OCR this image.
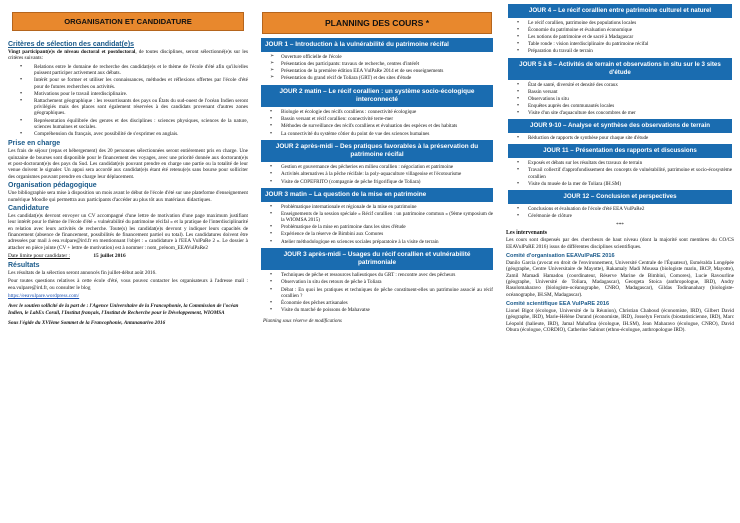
ORGANISATION ET CANDIDATURE
Critères de sélection des candidat(e)s

Vingt participant(e)s de niveau doctoral et postdoctoral, de toutes disciplines, seront sélectionné(e)s sur les critères suivants:

• Relations entre le domaine de recherche des candidat(e)s et le thème de l'école d'été afin qu'ils/elles puissent participer activement aux débats.
• Intérêt pour se former et utiliser les connaissances, méthodes et réflexions offertes par l'école d'été pour de futures recherches ou activités.
• Motivations pour le travail interdisciplinaire.
• Rattachement géographique : les ressortissants des pays ou États du sud-ouest de l'océan Indien seront privilégiés mais des places sont également réservées à des candidats provenant d'autres zones géographiques.
• Représentation équilibrée des genres et des disciplines : sciences physiques, sciences de la nature, sciences humaines et sociales.
• Compréhension du français, avec possibilité de s'exprimer en anglais.
Prise en charge

Les frais de séjour (repas et hébergement) des 20 personnes sélectionnées seront entièrement pris en charge. Une quinzaine de bourses sont disponible pour le financement des voyages, avec une priorité donnée aux doctorant(e)s et post-doctorant(e)s des pays du Sud. Les candidat(e)s pouvant prendre en charge une partie ou la totalité de leur venue doivent le signaler. Un appui sera accordé aux candidat(e)s étant été retenu(e)s sans bourse pour solliciter des organismes pouvant prendre en charge leur déplacement.

Organisation pédagogique

Une bibliographie sera mise à disposition un mois avant le début de l'école d'été sur une plateforme d'enseignement numérique Moodle qui permettra aux participants d'accéder au plus tôt aux matériaux didactiques.

Candidature

Les candidat(e)s devront envoyer un CV accompagné d'une lettre de motivation d'une page maximum justifiant leur intérêt pour le thème de l'école d'été « vulnérabilité du patrimoine récifal » et la pratique de l'interdisciplinarité en relation avec leurs activités de recherche. Toute(s) les candidat(e)s devront y indiquer leurs capacités de financement (absence de financement, possibilités de financement partiel ou total). Les candidatures doivent être adressées par mail à eea.vulpare@ird.fr en mentionnant l'objet : « candidature à l'EEA VulPaRe 2 ». Le dossier à attacher en pièce jointe (CV + lettre de motivation) est à nommer : nom_prénom_EEAVulPaRe2

Date limite pour candidater :	15 juillet 2016
Résultats

Les résultats de la sélection seront annoncés fin juillet-début août 2016.

Pour toutes questions relatives à cette école d'été, vous pouvez contacter les organisateurs à l'adresse mail : eea.vulpare@ird.fr, ou consulter le blog

https://eeavulpare.wordpress.com/

Avec le soutien sollicité de la part de : l'Agence Universitaire de la Francophonie, la Commission de l'océan Indien, le LabEx Corail, l'Institut français, l'Institut de Recherche pour le Développement, WIOMSA

Sous l'égide du XVIème Sommet de la Francophonie, Antananarivo 2016

PLANNING DES COURS *
JOUR 1 – Introduction à la vulnérabilité du patrimoine récifal
➢ Ouverture officielle de l'école
➢ Présentation des participants: travaux de recherche, centres d'intérêt
➢ Présentation de la première édition EEA VulPaRe 2014 et de ses enseignements
➢ Présentation du grand récif de Toliara (GRT) et des sites d'étude
JOUR 2 matin – Le récif corallien : un système socio-écologique interconnecté
• Biologie et écologie des récifs coralliens : connectivité écologique
• Bassin versant et récif corallien: connectivité terre-mer
• Méthodes de surveillance des récifs coralliens et évaluation des espèces et des habitats
• La connectivité du système côtier du point de vue des sciences humaines
JOUR 2 après-midi – Des pratiques favorables à la préservation du patrimoine récifal
• Gestion et gouvernance des pêcheries en milieu corallien : négociation et patrimoine
• Activités alternatives à la pêche récifale: la poly-aquaculture villageoise et l'écotourisme
• Visite de COPEFRITO (compagnie de pêche frigorifique de Toliara)
JOUR 3 matin – La question de la mise en patrimoine
• Problématique internationale et régionale de la mise en patrimoine
• Enseignements de la session spéciale « Récif corallien : un patrimoine commun » (9ème symposium de la WIOMSA 2015)
• Problématique de la mise en patrimoine dans les sites d'étude
• Expérience de la réserve de Bimbini aux Comores
• Atelier méthodologique en sciences sociales préparatoire à la visite de terrain
JOUR 3 après-midi – Usages du récif corallien et vulnérabilité patrimoniale
• Techniques de pêche et ressources halieutiques du GRT : rencontre avec des pêcheurs
• Observation in situ des retours de pêche à Toliara
• Débat : En quoi les pratiques et techniques de pêche constituent-elles un patrimoine associé au récif corallien ?
• Économie des pêches artisanales
• Visite du marché de poissons de Mahavatse
Planning sous réserve de modifications
JOUR 4 – Le récif corallien entre patrimoine culturel et naturel
• Le récif corallien, patrimoine des populations locales
• Économie du patrimoine et évaluation économique
• Les notions de patrimoine et de sacré à Madagascar
• Table ronde : vision interdisciplinaire du patrimoine récifal
• Préparation du travail de terrain
JOUR 5 à 8 – Activités de terrain et observations in situ sur le 3 sites d'étude
• État de santé, diversité et densité des coraux
• Bassin versant
• Observations in situ
• Enquêtes auprès des communautés locales
• Visite d'un site d'aquaculture des concombres de mer
JOUR 9-10 – Analyse et synthèse des observations de terrain
• Réduction de rapports de synthèse pour chaque site d'étude
JOUR 11 – Présentation des rapports et discussions
• Exposés et débats sur les résultats des travaux de terrain
• Travail collectif d'approfondissement des concepts de vulnérabilité, patrimoine et socio-écosystème corallien
• Visite du musée de la mer de Toliara (IH.SM)
JOUR 12 – Conclusion et perspectives
• Conclusions et évaluation de l'école d'été EEA VulPaRe2
• Cérémonie de clôture
***
Les intervenants

Les cours sont dispensés par des chercheurs de haut niveau (dont la majorité sont membres du CO/CS EEAVulPaRE 2016) issus de différentes disciplines scientifiques.

Comité d'organisation EEAVulPaRE 2016

Danilo Garcia (avocat en droit de l'environnement, Université Centrale de l'Équateur), Esméralda Longépée (géographe, Centre Universitaire de Mayotte), Rakamaly Madi Moussa (biologiste marin, IRCP, Mayotte), Zamil Mamadi Hamadou (coordinateur, Réserve Marine de Bimbini, Comores), Lucie Ravourline (géographe, Université de Toliara, Madagascar), Georgeta Stoica (anthropologue, IRD), Andry Rasolomaharavo (biologiste-océanographe, CNRO, Madagascar), Gildas Todinanahary (biologiste-océanographe, IH.SM, Madagascar).

Comité scientifique EEA VulPaRE 2016

Lionel Bigot (écologue, Université de la Réunion), Christian Chaboud (économiste, IRD), Gilbert David (géographe, IRD), Marie-Hélène Durand (économiste, IRD), Josselyn Ferraris (biostatisticienne, IRD), Marc Léopold (halieute, IRD), Jamal Mahafina (écologue, IH.SM), Jean Maharavo (écologue, CNRO), David Obura (écologue, CORDIO), Catherine Sabinot (ethno-écologue, anthropologue IRD).
